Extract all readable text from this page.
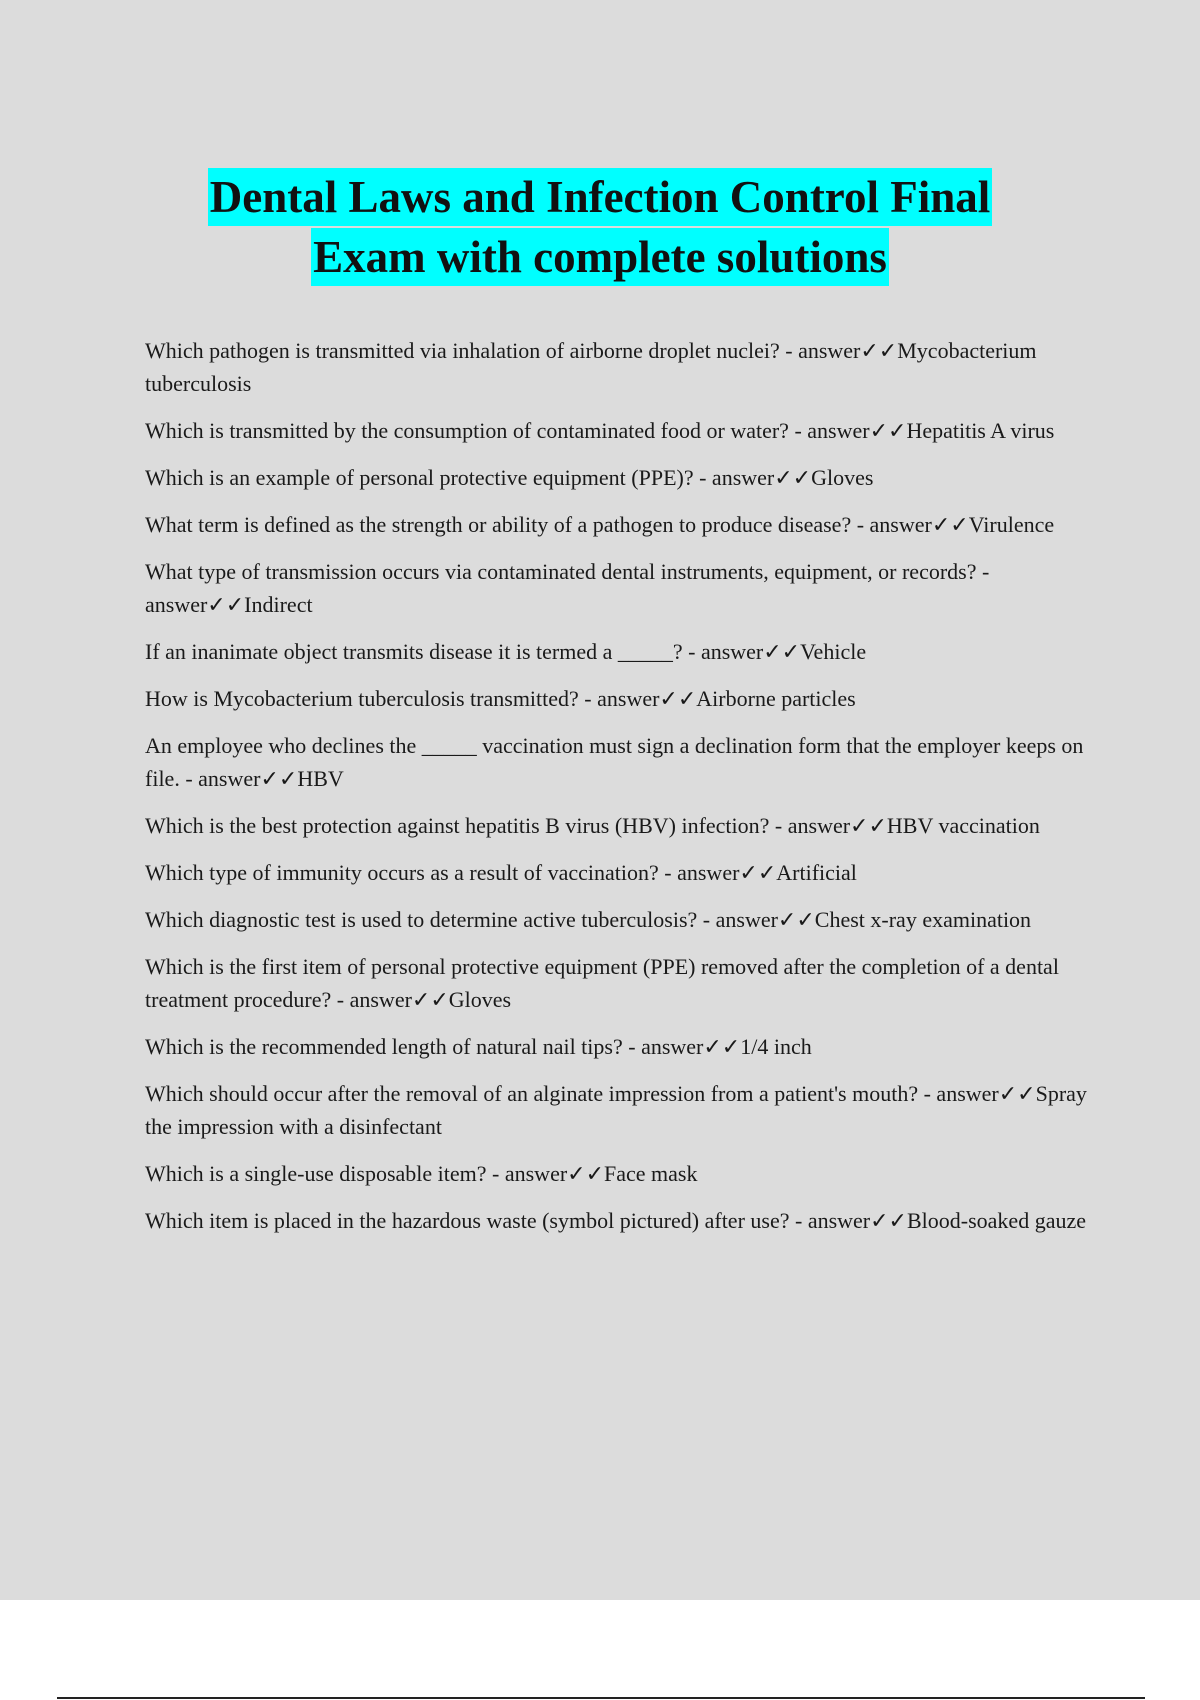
Dental Laws and Infection Control Final
Exam with complete solutions

Which pathogen is transmitted via inhalation of airborne droplet nuclei? - answer✓✓Mycobacterium tuberculosis

Which is transmitted by the consumption of contaminated food or water? - answer✓✓Hepatitis A virus

Which is an example of personal protective equipment (PPE)? - answer✓✓Gloves

What term is defined as the strength or ability of a pathogen to produce disease? - answer✓✓Virulence

What type of transmission occurs via contaminated dental instruments, equipment, or records? - answer✓✓Indirect

If an inanimate object transmits disease it is termed a _____? - answer✓✓Vehicle

How is Mycobacterium tuberculosis transmitted? - answer✓✓Airborne particles

An employee who declines the _____ vaccination must sign a declination form that the employer keeps on file. - answer✓✓HBV

Which is the best protection against hepatitis B virus (HBV) infection? - answer✓✓HBV vaccination

Which type of immunity occurs as a result of vaccination? - answer✓✓Artificial

Which diagnostic test is used to determine active tuberculosis? - answer✓✓Chest x-ray examination

Which is the first item of personal protective equipment (PPE) removed after the completion of a dental treatment procedure? - answer✓✓Gloves

Which is the recommended length of natural nail tips? - answer✓✓1/4 inch

Which should occur after the removal of an alginate impression from a patient's mouth? - answer✓✓Spray the impression with a disinfectant

Which is a single-use disposable item? - answer✓✓Face mask

Which item is placed in the hazardous waste (symbol pictured) after use? - answer✓✓Blood-soaked gauze
